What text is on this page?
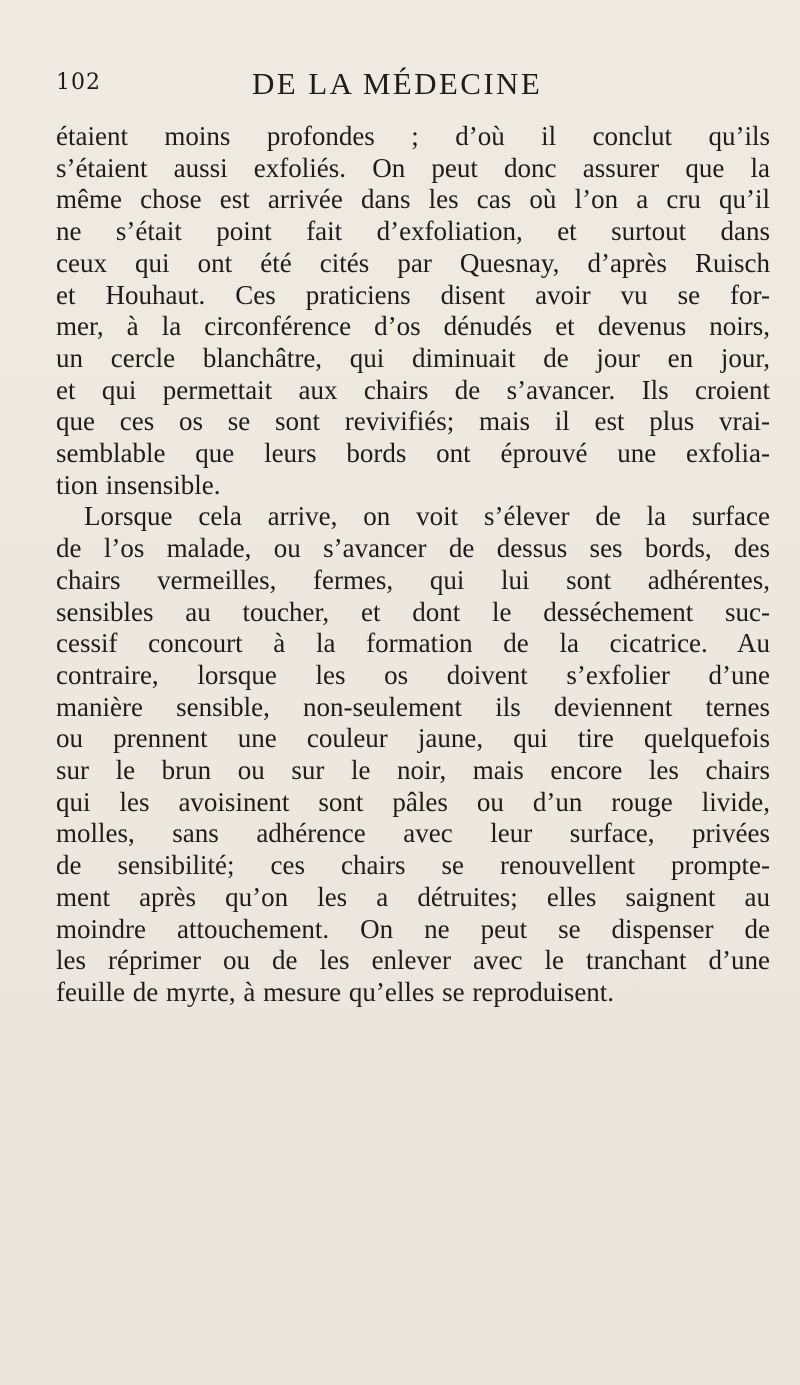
102	DE LA MÉDECINE

étaient moins profondes ; d’où il conclut qu’ils
s’étaient aussi exfoliés. On peut donc assurer que la
même chose est arrivée dans les cas où l’on a cru qu’il
ne s’était point fait d’exfoliation, et surtout dans
ceux qui ont été cités par Quesnay, d’après Ruisch
et Houhaut. Ces praticiens disent avoir vu se for-
mer, à la circonférence d’os dénudés et devenus noirs,
un cercle blanchâtre, qui diminuait de jour en jour,
et qui permettait aux chairs de s’avancer. Ils croient
que ces os se sont revivifiés; mais il est plus vrai-
semblable que leurs bords ont éprouvé une exfolia-
tion insensible.

Lorsque cela arrive, on voit s’élever de la surface
de l’os malade, ou s’avancer de dessus ses bords, des
chairs vermeilles, fermes, qui lui sont adhérentes,
sensibles au toucher, et dont le desséchement suc-
cessif concourt à la formation de la cicatrice. Au
contraire, lorsque les os doivent s’exfolier d’une
manière sensible, non-seulement ils deviennent ternes
ou prennent une couleur jaune, qui tire quelquefois
sur le brun ou sur le noir, mais encore les chairs
qui les avoisinent sont pâles ou d’un rouge livide,
molles, sans adhérence avec leur surface, privées
de sensibilité; ces chairs se renouvellent prompte-
ment après qu’on les a détruites; elles saignent au
moindre attouchement. On ne peut se dispenser de
les réprimer ou de les enlever avec le tranchant d’une
feuille de myrte, à mesure qu’elles se reproduisent.
